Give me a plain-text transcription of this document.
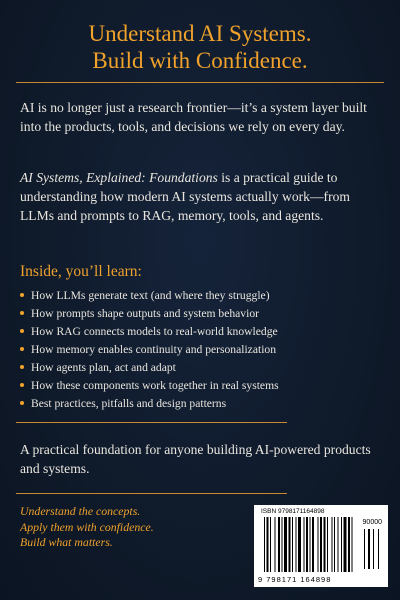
Understand AI Systems.
Build with Confidence.

AI is no longer just a research frontier—it’s a system layer built into the products, tools, and decisions we rely on every day.

AI Systems, Explained: Foundations is a practical guide to understanding how modern AI systems actually work—from LLMs and prompts to RAG, memory, tools, and agents.

Inside, you’ll learn:
How LLMs generate text (and where they struggle)
How prompts shape outputs and system behavior
How RAG connects models to real-world knowledge
How memory enables continuity and personalization
How agents plan, act and adapt
How these components work together in real systems
Best practices, pitfalls and design patterns

A practical foundation for anyone building AI-powered products and systems.

Understand the concepts.
Apply them with confidence.
Build what matters.
ISBN 9798171164898
90000
9 798171 164898
